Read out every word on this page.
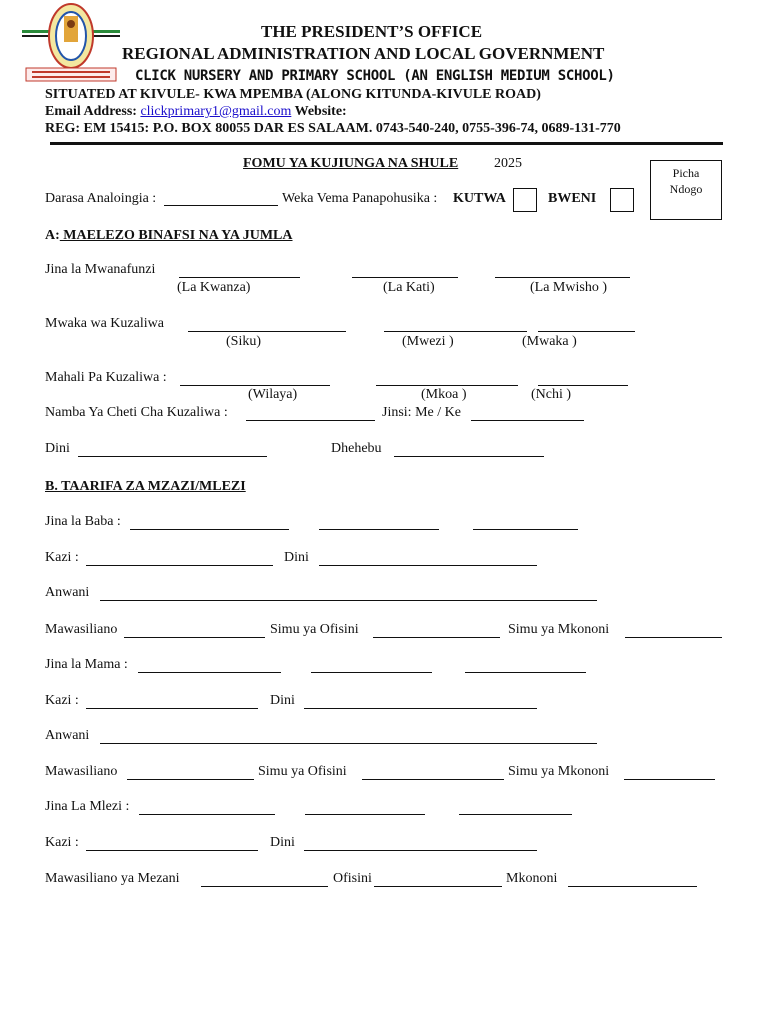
THE PRESIDENT’S OFFICE
REGIONAL ADMINISTRATION AND LOCAL GOVERNMENT
CLICK NURSERY AND PRIMARY SCHOOL (AN ENGLISH MEDIUM SCHOOL)
SITUATED AT KIVULE- KWA MPEMBA (ALONG KITUNDA-KIVULE ROAD)
Email Address: clickprimary1@gmail.com Website:
REG: EM 15415: P.O. BOX 80055 DAR ES SALAAM. 0743-540-240, 0755-396-74, 0689-131-770
FOMU YA KUJIUNGA NA SHULE	2025
Picha
Ndogo
Darasa Analoingia :	Weka Vema Panapohusika : KUTWA	BWENI
A: MAELEZO BINAFSI NA YA JUMLA
Jina la Mwanafunzi
(La Kwanza)	(La Kati)	(La Mwisho )
Mwaka wa Kuzaliwa
(Siku)	(Mwezi )	(Mwaka )
Mahali Pa Kuzaliwa :
(Wilaya)	(Mkoa )	(Nchi )
Namba Ya Cheti Cha Kuzaliwa :	Jinsi: Me / Ke
Dini	Dhehebu
B. TAARIFA ZA MZAZI/MLEZI
Jina la Baba :
Kazi :	Dini
Anwani
Mawasiliano	Simu ya Ofisini	Simu ya Mkononi
Jina la Mama :
Kazi :	Dini
Anwani
Mawasiliano	Simu ya Ofisini	Simu ya Mkononi
Jina La Mlezi :
Kazi :	Dini
Mawasiliano ya Mezani	Ofisini	Mkononi
